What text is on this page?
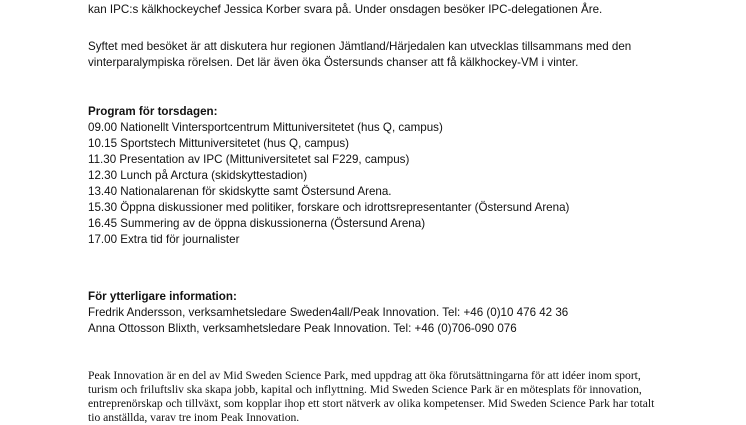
kan IPC:s kälkhockeychef Jessica Korber svara på. Under onsdagen besöker IPC-delegationen Åre.
Syftet med besöket är att diskutera hur regionen Jämtland/Härjedalen kan utvecklas tillsammans med den vinterparalympiska rörelsen. Det lär även öka Östersunds chanser att få kälkhockey-VM i vinter.
Program för torsdagen:
09.00 Nationellt Vintersportcentrum Mittuniversitetet (hus Q, campus)
10.15 Sportstech Mittuniversitetet (hus Q, campus)
11.30 Presentation av IPC (Mittuniversitetet sal F229, campus)
12.30 Lunch på Arctura (skidskyttestadion)
13.40 Nationalarenan för skidskytte samt Östersund Arena.
15.30 Öppna diskussioner med politiker, forskare och idrottsrepresentanter (Östersund Arena)
16.45 Summering av de öppna diskussionerna (Östersund Arena)
17.00 Extra tid för journalister
För ytterligare information:
Fredrik Andersson, verksamhetsledare Sweden4all/Peak Innovation. Tel: +46 (0)10 476 42 36
Anna Ottosson Blixth, verksamhetsledare Peak Innovation. Tel: +46 (0)706-090 076
Peak Innovation är en del av Mid Sweden Science Park, med uppdrag att öka förutsättningarna för att idéer inom sport, turism och friluftsliv ska skapa jobb, kapital och inflyttning. Mid Sweden Science Park är en mötesplats för innovation, entreprenörskap och tillväxt, som kopplar ihop ett stort nätverk av olika kompetenser. Mid Sweden Science Park har totalt tio anställda, varav tre inom Peak Innovation.
